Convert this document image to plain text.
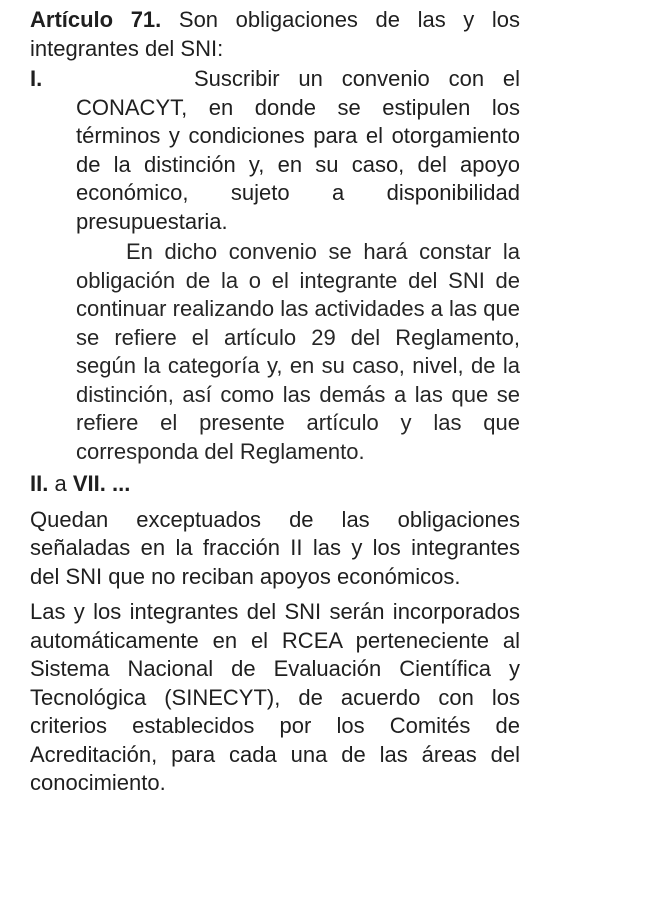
Artículo 71. Son obligaciones de las y los integrantes del SNI:

I.	Suscribir un convenio con el CONACYT, en donde se estipulen los términos y condiciones para el otorgamiento de la distinción y, en su caso, del apoyo económico, sujeto a disponibilidad presupuestaria.

En dicho convenio se hará constar la obligación de la o el integrante del SNI de continuar realizando las actividades a las que se refiere el artículo 29 del Reglamento, según la categoría y, en su caso, nivel, de la distinción, así como las demás a las que se refiere el presente artículo y las que corresponda del Reglamento.

II. a VII. ...

Quedan exceptuados de las obligaciones señaladas en la fracción II las y los integrantes del SNI que no reciban apoyos económicos.

Las y los integrantes del SNI serán incorporados automáticamente en el RCEA perteneciente al Sistema Nacional de Evaluación Científica y Tecnológica (SINECYT), de acuerdo con los criterios establecidos por los Comités de Acreditación, para cada una de las áreas del conocimiento.
